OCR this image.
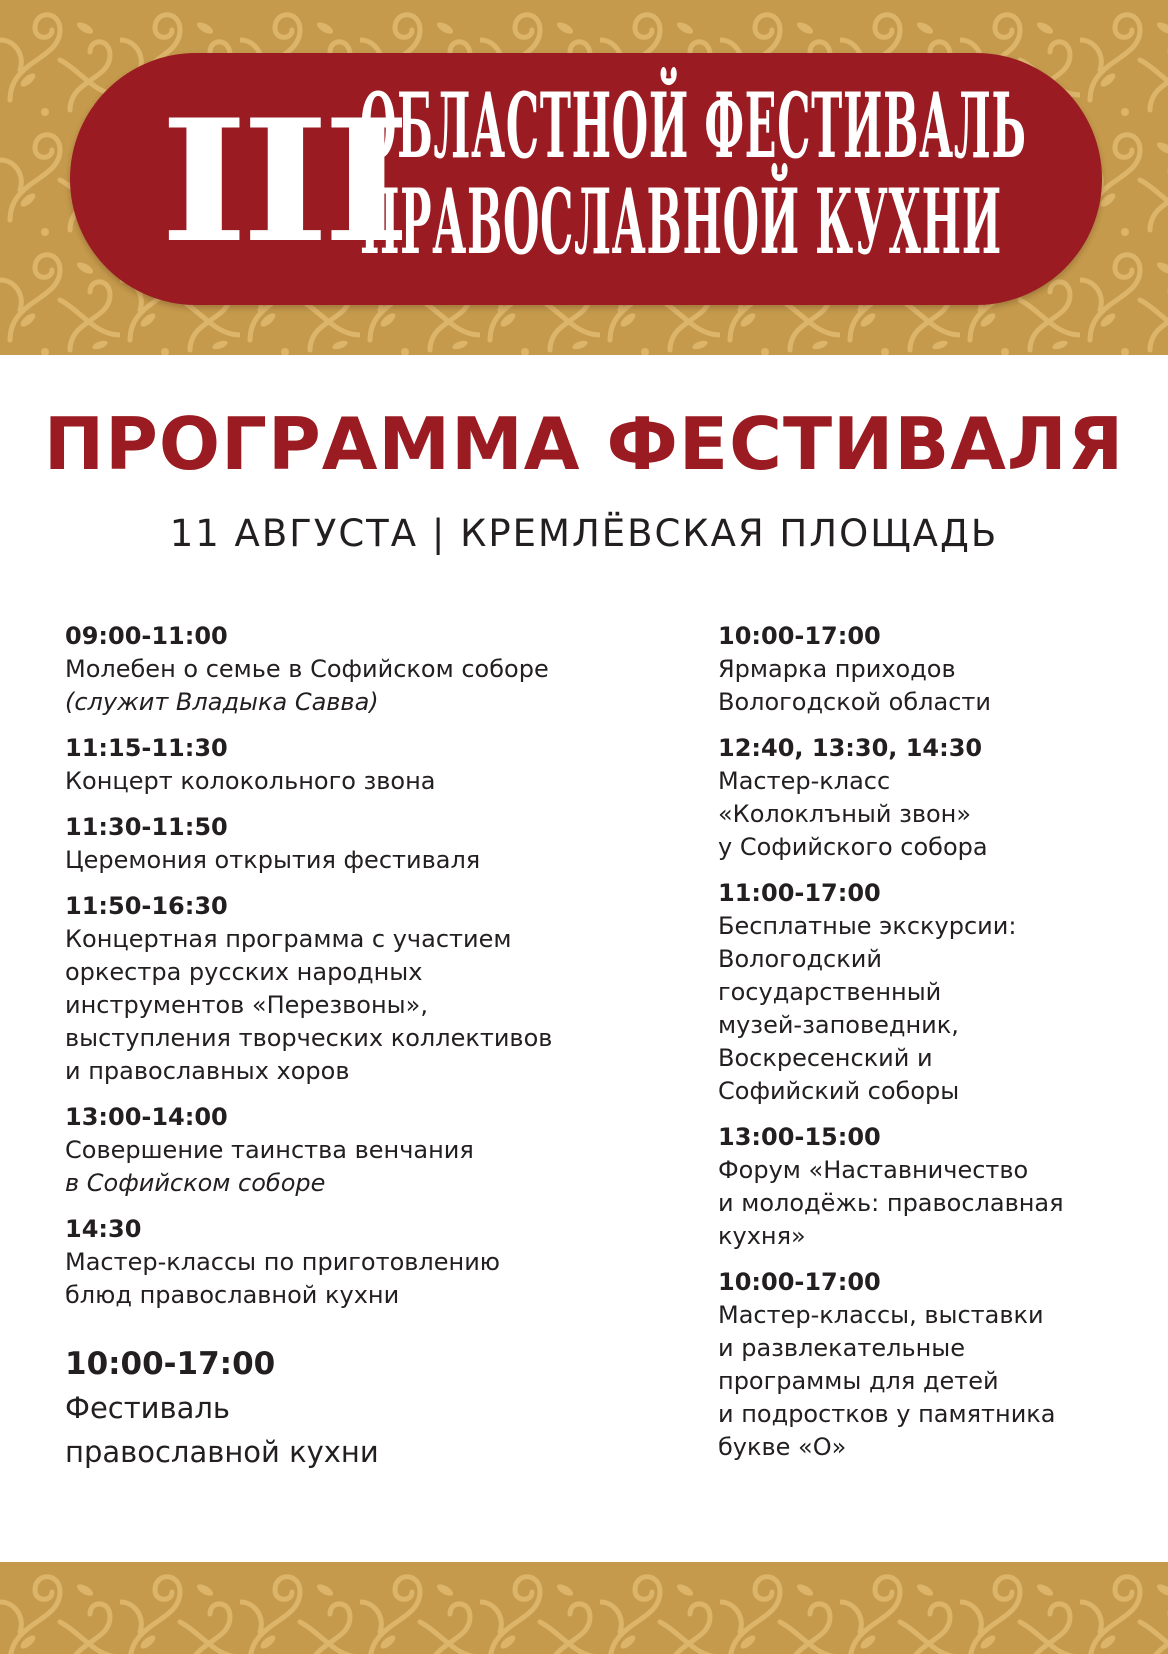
III
ОБЛАСТНОЙ ФЕСТИВАЛЬ
ПРАВОСЛАВНОЙ КУХНИ
ПРОГРАММА ФЕСТИВАЛЯ
11 АВГУСТА | КРЕМЛЁВСКАЯ ПЛОЩАДЬ
09:00-11:00
Молебен о семье в Софийском соборе
(служит Владыка Савва)
11:15-11:30
Концерт колокольного звона
11:30-11:50
Церемония открытия фестиваля
11:50-16:30
Концертная программа с участием
оркестра русских народных
инструментов «Перезвоны»,
выступления творческих коллективов
и православных хоров
13:00-14:00
Совершение таинства венчания
в Софийском соборе
14:30
Мастер-классы по приготовлению
блюд православной кухни
10:00-17:00
Фестиваль
православной кухни
10:00-17:00
Ярмарка приходов
Вологодской области
12:40, 13:30, 14:30
Мастер-класс
«Колоклъный звон»
у Софийского собора
11:00-17:00
Бесплатные экскурсии:
Вологодский
государственный
музей-заповедник,
Воскресенский и
Софийский соборы
13:00-15:00
Форум «Наставничество
и молодёжь: православная
кухня»
10:00-17:00
Мастер-классы, выставки
и развлекательные
программы для детей
и подростков у памятника
букве «О»
